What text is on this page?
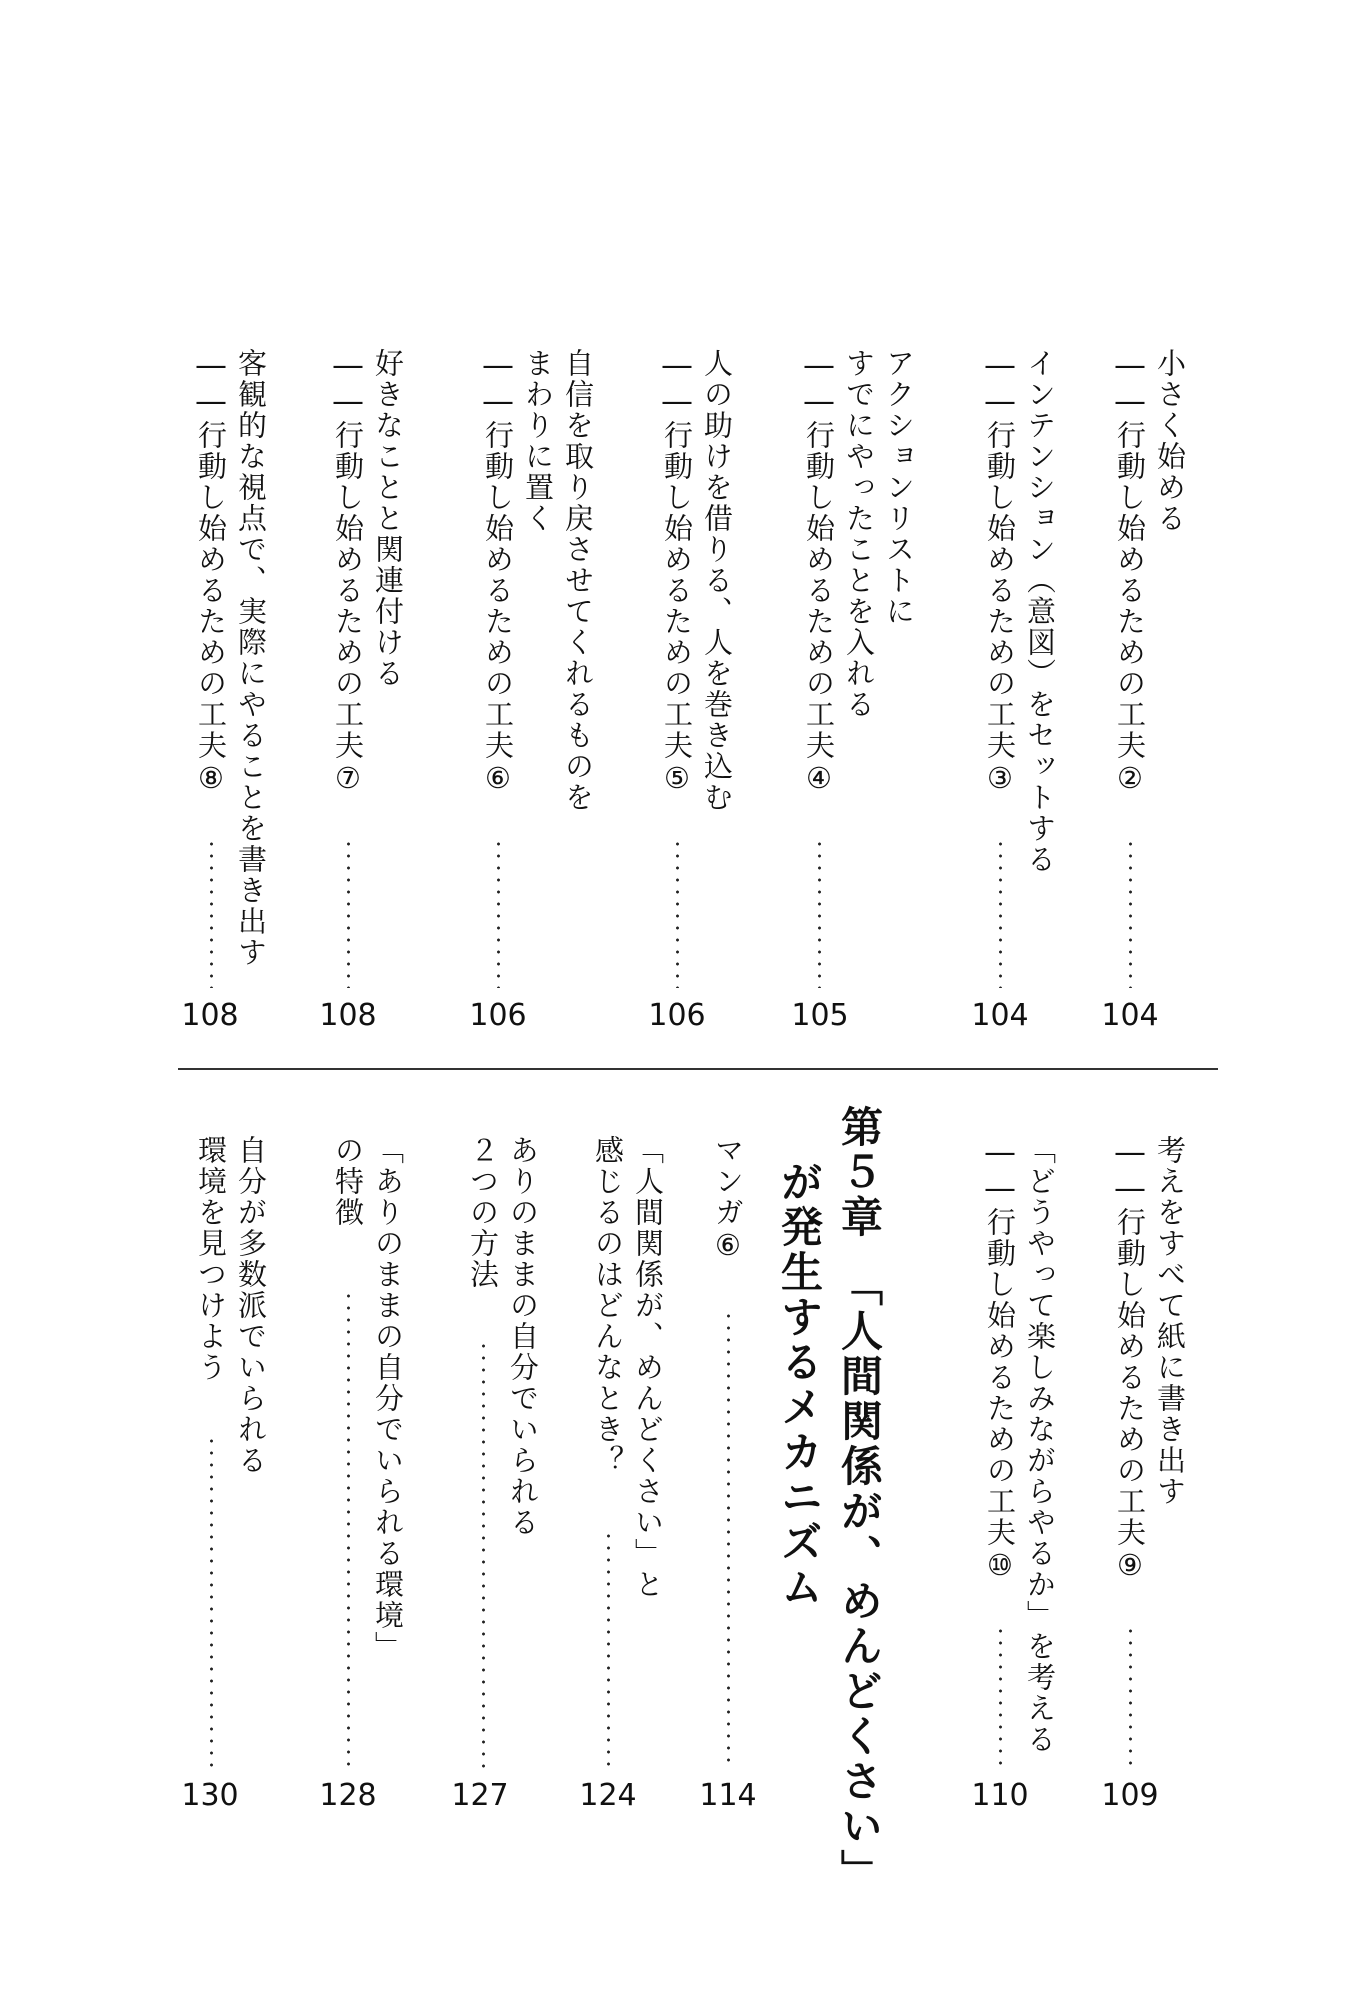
小さく始める
――行動し始めるための工夫②
104
インテンション（意図）をセットする
――行動し始めるための工夫③
104
アクションリストに
すでにやったことを入れる
――行動し始めるための工夫④
105
人の助けを借りる、人を巻き込む
――行動し始めるための工夫⑤
106
自信を取り戻させてくれるものを
まわりに置く
――行動し始めるための工夫⑥
106
好きなことと関連付ける
――行動し始めるための工夫⑦
108
客観的な視点で、実際にやることを書き出す
――行動し始めるための工夫⑧
108
考えをすべて紙に書き出す
――行動し始めるための工夫⑨
109
「どうやって楽しみながらやるか」を考える
――行動し始めるための工夫⑩
110
第５章　「人間関係が、めんどくさい」
が発生するメカニズム
マンガ⑥
114
「人間関係が、めんどくさい」と
感じるのはどんなとき？
124
ありのままの自分でいられる
２つの方法
127
「ありのままの自分でいられる環境」
の特徴
128
自分が多数派でいられる
環境を見つけよう
130
